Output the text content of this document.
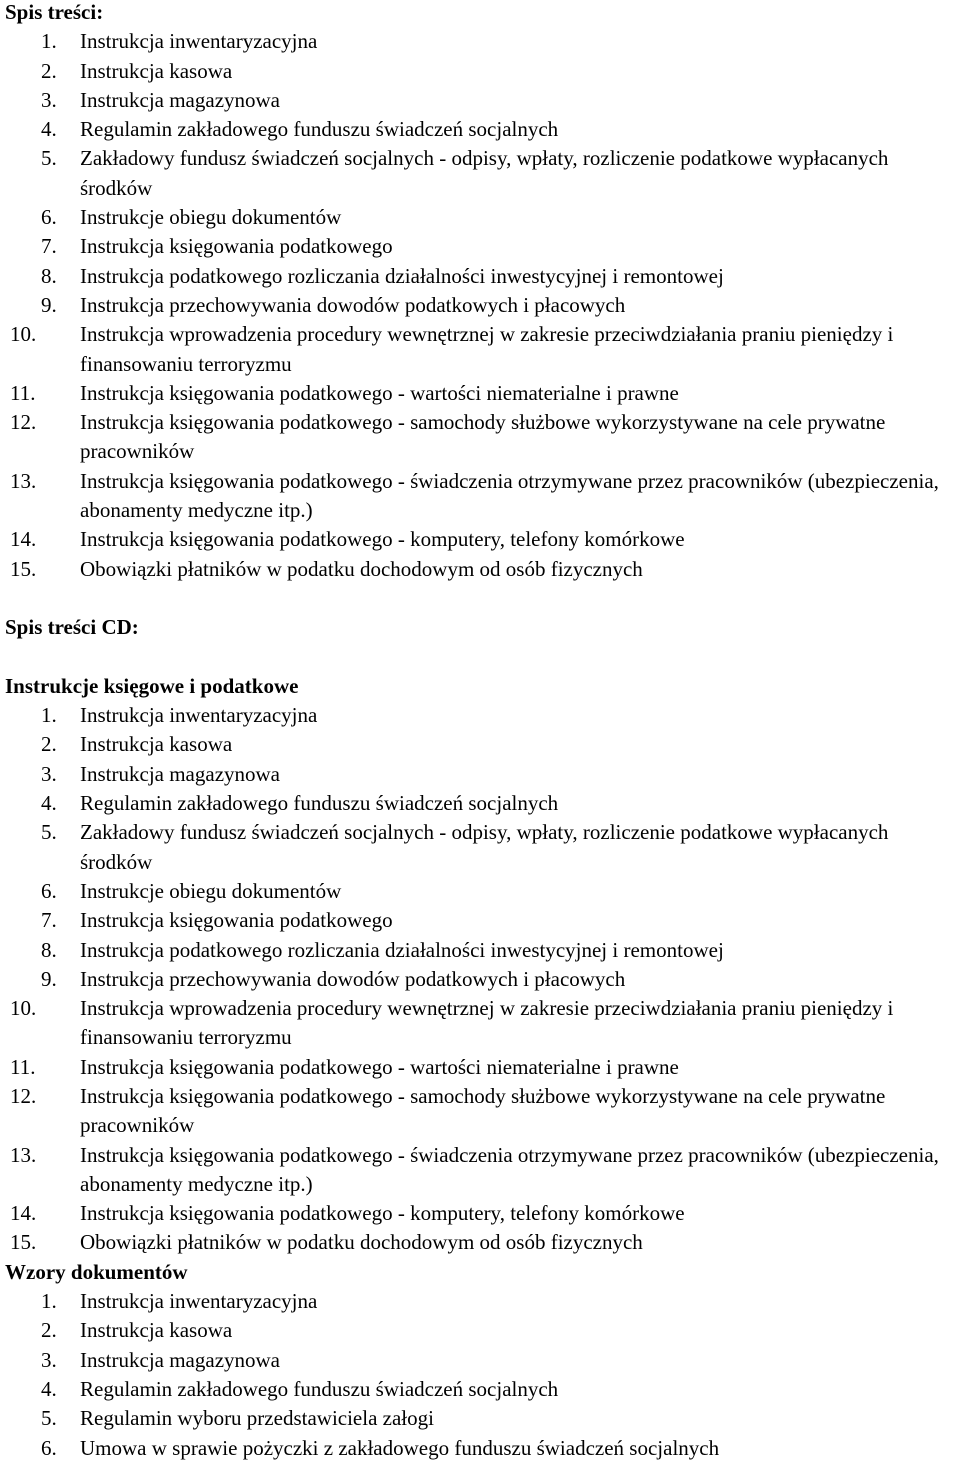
Spis treści:
1. Instrukcja inwentaryzacyjna
2. Instrukcja kasowa
3. Instrukcja magazynowa
4. Regulamin zakładowego funduszu świadczeń socjalnych
5. Zakładowy fundusz świadczeń socjalnych - odpisy, wpłaty, rozliczenie podatkowe wypłacanych środków
6. Instrukcje obiegu dokumentów
7. Instrukcja księgowania podatkowego
8. Instrukcja podatkowego rozliczania działalności inwestycyjnej i remontowej
9. Instrukcja przechowywania dowodów podatkowych i płacowych
10. Instrukcja wprowadzenia procedury wewnętrznej w zakresie przeciwdziałania praniu pieniędzy i finansowaniu terroryzmu
11. Instrukcja księgowania podatkowego - wartości niematerialne i prawne
12. Instrukcja księgowania podatkowego - samochody służbowe wykorzystywane na cele prywatne pracowników
13. Instrukcja księgowania podatkowego - świadczenia otrzymywane przez pracowników (ubezpieczenia, abonamenty medyczne itp.)
14. Instrukcja księgowania podatkowego - komputery, telefony komórkowe
15. Obowiązki płatników w podatku dochodowym od osób fizycznych
Spis treści CD:
Instrukcje księgowe i podatkowe
1. Instrukcja inwentaryzacyjna
2. Instrukcja kasowa
3. Instrukcja magazynowa
4. Regulamin zakładowego funduszu świadczeń socjalnych
5. Zakładowy fundusz świadczeń socjalnych - odpisy, wpłaty, rozliczenie podatkowe wypłacanych środków
6. Instrukcje obiegu dokumentów
7. Instrukcja księgowania podatkowego
8. Instrukcja podatkowego rozliczania działalności inwestycyjnej i remontowej
9. Instrukcja przechowywania dowodów podatkowych i płacowych
10. Instrukcja wprowadzenia procedury wewnętrznej w zakresie przeciwdziałania praniu pieniędzy i finansowaniu terroryzmu
11. Instrukcja księgowania podatkowego - wartości niematerialne i prawne
12. Instrukcja księgowania podatkowego - samochody służbowe wykorzystywane na cele prywatne pracowników
13. Instrukcja księgowania podatkowego - świadczenia otrzymywane przez pracowników (ubezpieczenia, abonamenty medyczne itp.)
14. Instrukcja księgowania podatkowego - komputery, telefony komórkowe
15. Obowiązki płatników w podatku dochodowym od osób fizycznych
Wzory dokumentów
1. Instrukcja inwentaryzacyjna
2. Instrukcja kasowa
3. Instrukcja magazynowa
4. Regulamin zakładowego funduszu świadczeń socjalnych
5. Regulamin wyboru przedstawiciela załogi
6. Umowa w sprawie pożyczki z zakładowego funduszu świadczeń socjalnych
